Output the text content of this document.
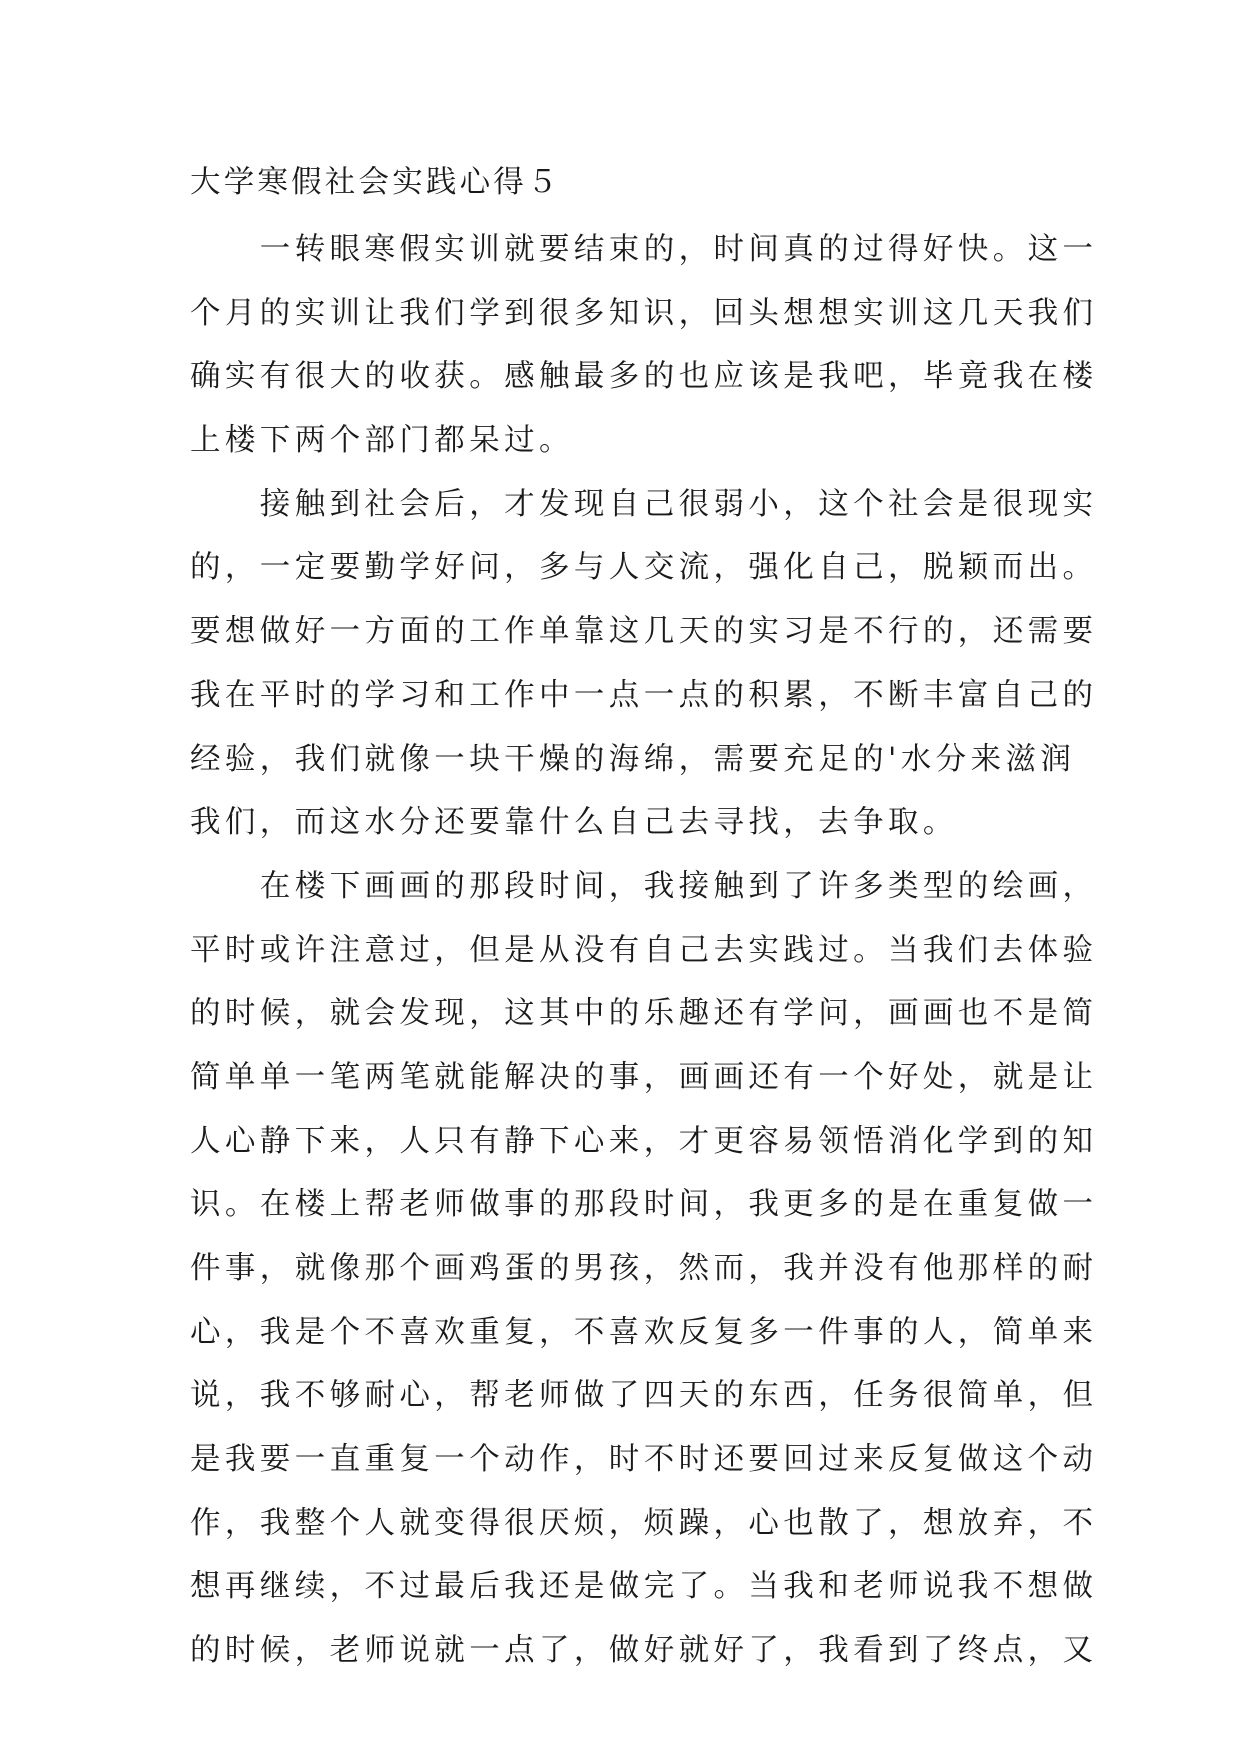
大学寒假社会实践心得５
　　一转眼寒假实训就要结束的，时间真的过得好快。这一
个月的实训让我们学到很多知识，回头想想实训这几天我们
确实有很大的收获。感触最多的也应该是我吧，毕竟我在楼
上楼下两个部门都呆过。
　　接触到社会后，才发现自己很弱小，这个社会是很现实
的，一定要勤学好问，多与人交流，强化自己，脱颖而出。
要想做好一方面的工作单靠这几天的实习是不行的，还需要
我在平时的学习和工作中一点一点的积累，不断丰富自己的
经验，我们就像一块干燥的海绵，需要充足的'水分来滋润
我们，而这水分还要靠什么自己去寻找，去争取。
　　在楼下画画的那段时间，我接触到了许多类型的绘画，
平时或许注意过，但是从没有自己去实践过。当我们去体验
的时候，就会发现，这其中的乐趣还有学问，画画也不是简
简单单一笔两笔就能解决的事，画画还有一个好处，就是让
人心静下来，人只有静下心来，才更容易领悟消化学到的知
识。在楼上帮老师做事的那段时间，我更多的是在重复做一
件事，就像那个画鸡蛋的男孩，然而，我并没有他那样的耐
心，我是个不喜欢重复，不喜欢反复多一件事的人，简单来
说，我不够耐心，帮老师做了四天的东西，任务很简单，但
是我要一直重复一个动作，时不时还要回过来反复做这个动
作，我整个人就变得很厌烦，烦躁，心也散了，想放弃，不
想再继续，不过最后我还是做完了。当我和老师说我不想做
的时候，老师说就一点了，做好就好了，我看到了终点，又
